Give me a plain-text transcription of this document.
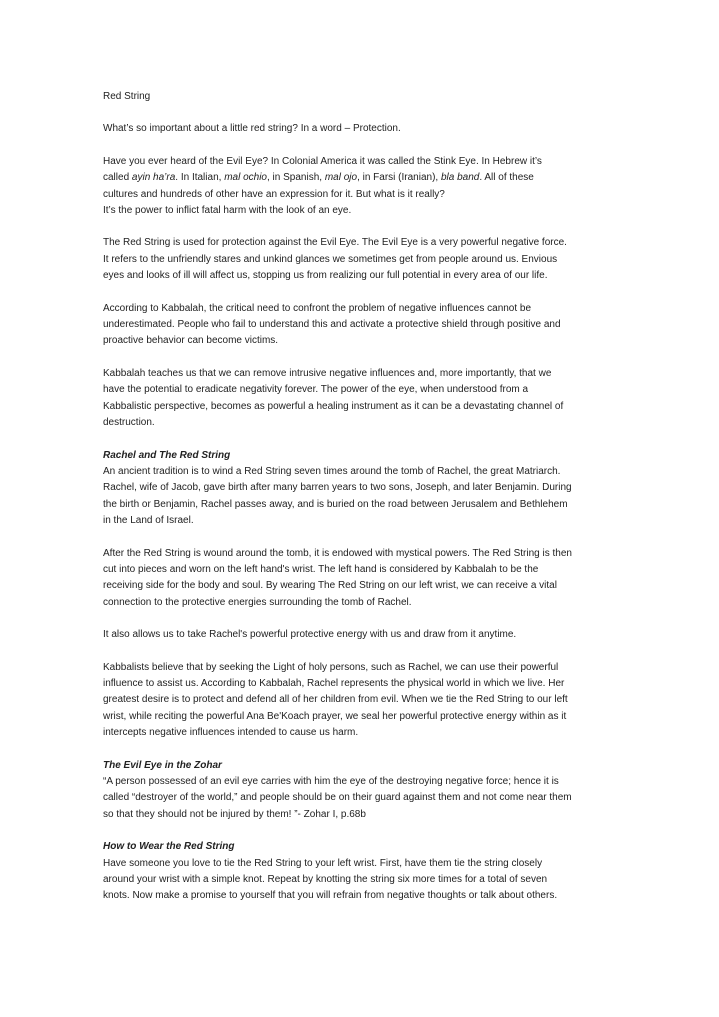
Red String
What’s so important about a little red string? In a word – Protection.
Have you ever heard of the Evil Eye? In Colonial America it was called the Stink Eye. In Hebrew it’s
called ayin ha’ra. In Italian, mal ochio, in Spanish, mal ojo, in Farsi (Iranian), bla band. All of these
cultures and hundreds of other have an expression for it. But what is it really?
It’s the power to inflict fatal harm with the look of an eye.
The Red String is used for protection against the Evil Eye. The Evil Eye is a very powerful negative force.
It refers to the unfriendly stares and unkind glances we sometimes get from people around us. Envious
eyes and looks of ill will affect us, stopping us from realizing our full potential in every area of our life.
According to Kabbalah, the critical need to confront the problem of negative influences cannot be
underestimated. People who fail to understand this and activate a protective shield through positive and
proactive behavior can become victims.
Kabbalah teaches us that we can remove intrusive negative influences and, more importantly, that we
have the potential to eradicate negativity forever. The power of the eye, when understood from a
Kabbalistic perspective, becomes as powerful a healing instrument as it can be a devastating channel of
destruction.
Rachel and The Red String
An ancient tradition is to wind a Red String seven times around the tomb of Rachel, the great Matriarch.
Rachel, wife of Jacob, gave birth after many barren years to two sons, Joseph, and later Benjamin. During
the birth or Benjamin, Rachel passes away, and is buried on the road between Jerusalem and Bethlehem
in the Land of Israel.
After the Red String is wound around the tomb, it is endowed with mystical powers. The Red String is then
cut into pieces and worn on the left hand's wrist. The left hand is considered by Kabbalah to be the
receiving side for the body and soul. By wearing The Red String on our left wrist, we can receive a vital
connection to the protective energies surrounding the tomb of Rachel.
It also allows us to take Rachel's powerful protective energy with us and draw from it anytime.
Kabbalists believe that by seeking the Light of holy persons, such as Rachel, we can use their powerful
influence to assist us. According to Kabbalah, Rachel represents the physical world in which we live. Her
greatest desire is to protect and defend all of her children from evil. When we tie the Red String to our left
wrist, while reciting the powerful Ana Be'Koach prayer, we seal her powerful protective energy within as it
intercepts negative influences intended to cause us harm.
The Evil Eye in the Zohar
“A person possessed of an evil eye carries with him the eye of the destroying negative force; hence it is
called “destroyer of the world,” and people should be on their guard against them and not come near them
so that they should not be injured by them! ”- Zohar I, p.68b
How to Wear the Red String
Have someone you love to tie the Red String to your left wrist. First, have them tie the string closely
around your wrist with a simple knot. Repeat by knotting the string six more times for a total of seven
knots. Now make a promise to yourself that you will refrain from negative thoughts or talk about others.
